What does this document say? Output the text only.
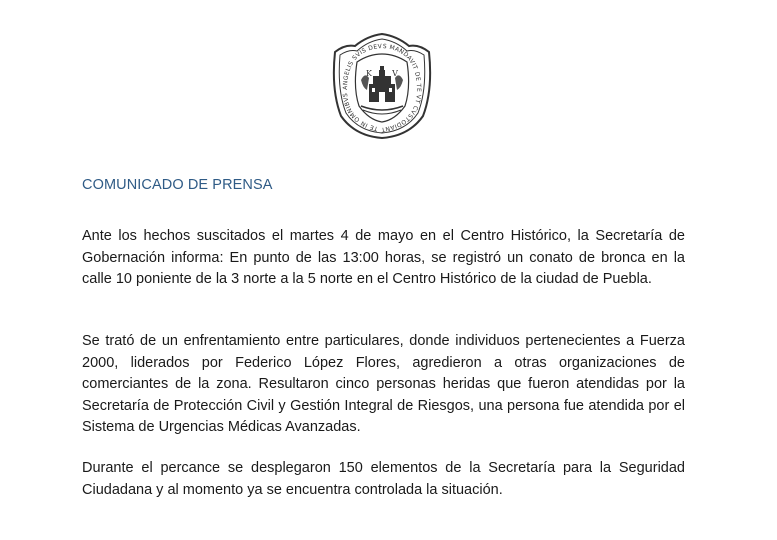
ANGELIS SVIS DEVS MANDAVIT DE TE VT CVSTODIANT TE IN OMNIBVS
K	V
COMUNICADO DE PRENSA

Ante los hechos suscitados el martes 4 de mayo en el Centro Histórico, la Secretaría de Gobernación informa: En punto de las 13:00 horas, se registró un conato de bronca en la calle 10 poniente de la 3 norte a la 5 norte en el Centro Histórico de la ciudad de Puebla.

Se trató de un enfrentamiento entre particulares, donde individuos pertenecientes a Fuerza 2000, liderados por Federico López Flores, agredieron a otras organizaciones de comerciantes de la zona. Resultaron cinco personas heridas que fueron atendidas por la Secretaría de Protección Civil y Gestión Integral de Riesgos, una persona fue atendida por el Sistema de Urgencias Médicas Avanzadas.

Durante el percance se desplegaron 150 elementos de la Secretaría para la Seguridad Ciudadana y al momento ya se encuentra controlada la situación.
